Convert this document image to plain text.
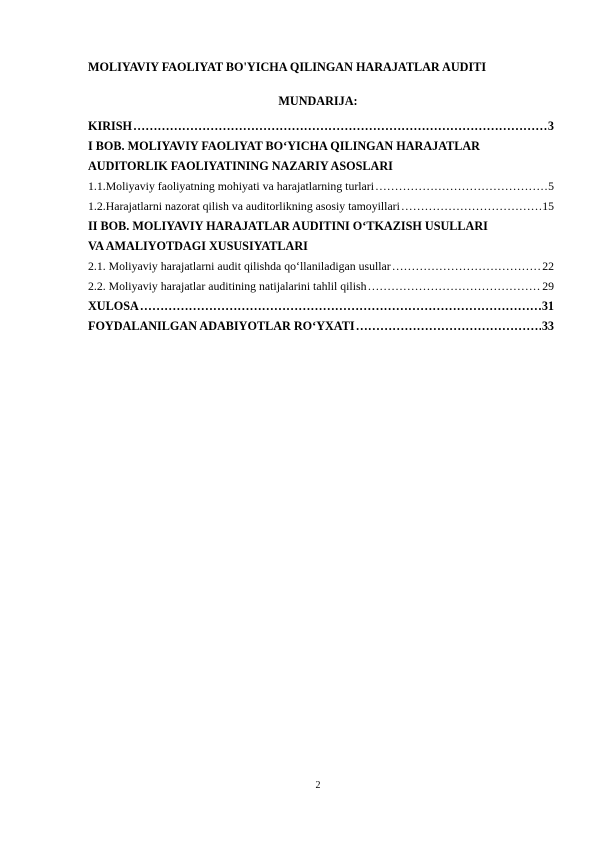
MOLIYAVIY FAOLIYAT BO'YICHA QILINGAN HARAJATLAR AUDITI
MUNDARIJA:
KIRISH …………………………………………………………………………………………………………………………………………………………………………	3
I BOB. MOLIYAVIY FAOLIYAT BO‘YICHA QILINGAN HARAJATLAR
AUDITORLIK FAOLIYATINING NAZARIY ASOSLARI
1.1.Moliyaviy faoliyatning mohiyati va harajatlarning turlari …………………………………………………………………………………………………………………………………………………………………………	5
1.2.Harajatlarni nazorat qilish va auditorlikning asosiy tamoyillari …………………………………………………………………………………………………………………………………………………………………………	15
II BOB. MOLIYAVIY HARAJATLAR AUDITINI O‘TKAZISH USULLARI
VA AMALIYOTDAGI XUSUSIYATLARI
2.1. Moliyaviy harajatlarni audit qilishda qo‘llaniladigan usullar …………………………………………………………………………………………………………………………………………………………………………	22
2.2. Moliyaviy harajatlar auditining natijalarini tahlil qilish …………………………………………………………………………………………………………………………………………………………………………	29
XULOSA …………………………………………………………………………………………………………………………………………………………………………	31
FOYDALANILGAN ADABIYOTLAR RO‘YXATI …………………………………………………………………………………………………………………………………………………………………………	33
2
